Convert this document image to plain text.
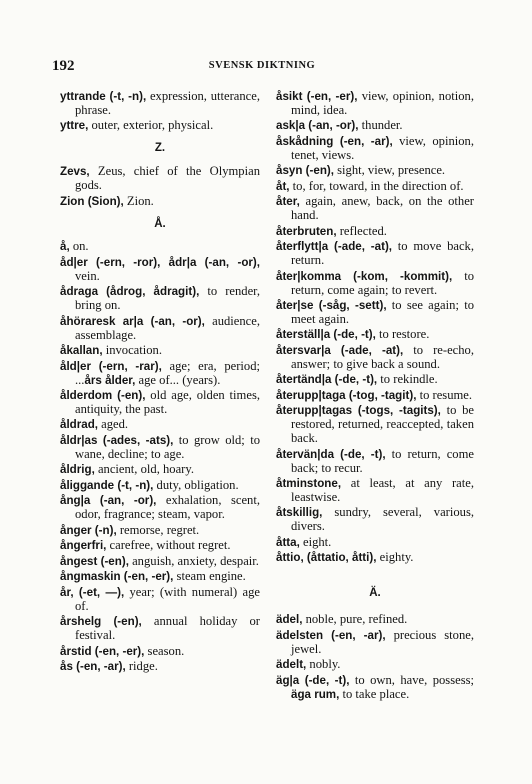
192	SVENSK DIKTNING
yttrande (-t, -n), expression, utterance, phrase.
yttre, outer, exterior, physical.
Z.
Zevs, Zeus, chief of the Olympian gods.
Zion (Sion), Zion.
Å.
å, on.
åd|er (-ern, -ror), ådr|a (-an, -or), vein.
ådraga (ådrog, ådragit), to render, bring on.
åhöraresk ar|a (-an, -or), audience, assemblage.
åkallan, invocation.
åld|er (-ern, -rar), age; era, period; ...års ålder, age of... (years).
ålderdom (-en), old age, olden times, antiquity, the past.
åldrad, aged.
åldr|as (-ades, -ats), to grow old; to wane, decline; to age.
åldrig, ancient, old, hoary.
åliggande (-t, -n), duty, obligation.
ång|a (-an, -or), exhalation, scent, odor, fragrance; steam, vapor.
ånger (-n), remorse, regret.
ångerfri, carefree, without regret.
ångest (-en), anguish, anxiety, despair.
ångmaskin (-en, -er), steam engine.
år, (-et, —), year; (with numeral) age of.
årshelg (-en), annual holiday or festival.
årstid (-en, -er), season.
ås (-en, -ar), ridge.
åsikt (-en, -er), view, opinion, notion, mind, idea.
ask|a (-an, -or), thunder.
åskådning (-en, -ar), view, opinion, tenet, views.
åsyn (-en), sight, view, presence.
åt, to, for, toward, in the direction of.
åter, again, anew, back, on the other hand.
återbruten, reflected.
återflytt|a (-ade, -at), to move back, return.
åter|komma (-kom, -kommit), to return, come again; to revert.
åter|se (-såg, -sett), to see again; to meet again.
återställ|a (-de, -t), to restore.
återsvar|a (-ade, -at), to re-echo, answer; to give back a sound.
återtänd|a (-de, -t), to rekindle.
återupp|taga (-tog, -tagit), to resume.
återupp|tagas (-togs, -tagits), to be restored, returned, reaccepted, taken back.
återvän|da (-de, -t), to return, come back; to recur.
åtminstone, at least, at any rate, leastwise.
åtskillig, sundry, several, various, divers.
åtta, eight.
åttio, (åttatio, åtti), eighty.
Ä.
ädel, noble, pure, refined.
ädelsten (-en, -ar), precious stone, jewel.
ädelt, nobly.
äg|a (-de, -t), to own, have, possess; äga rum, to take place.
